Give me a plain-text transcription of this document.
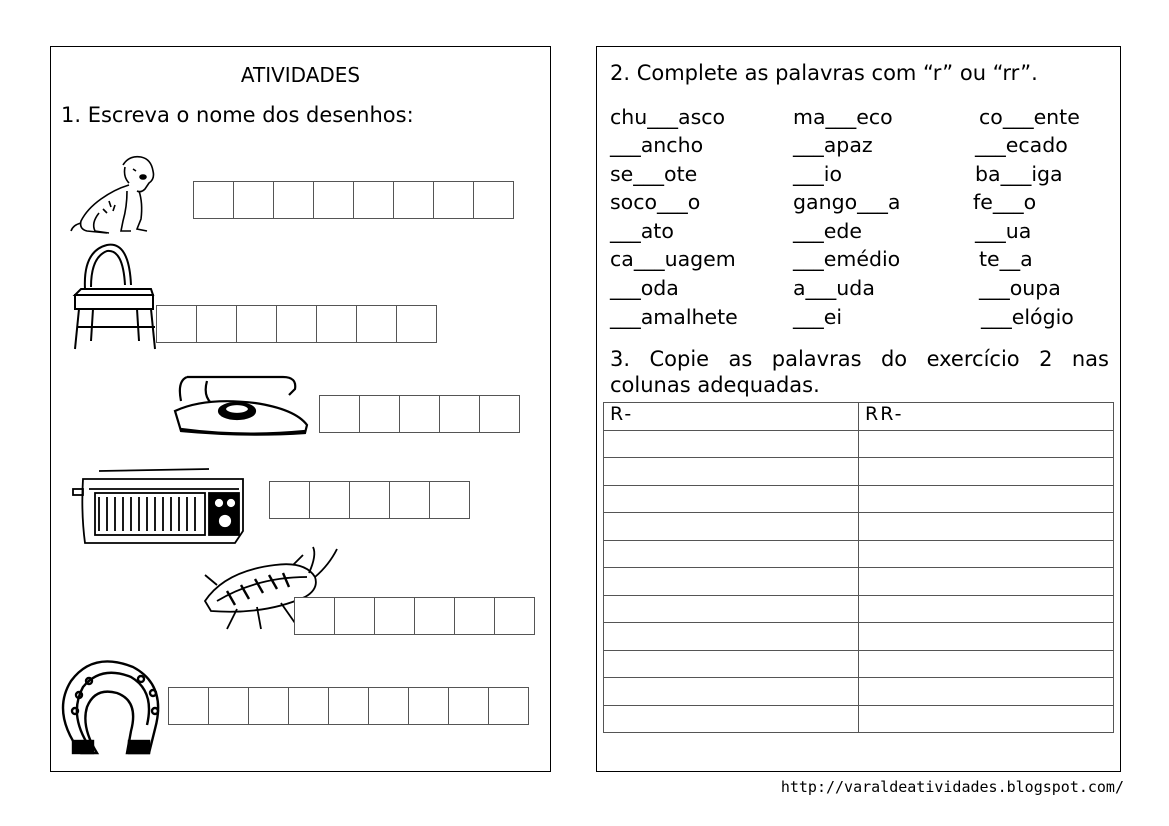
ATIVIDADES
1. Escreva o nome dos desenhos:
2. Complete as palavras com “r” ou “rr”.
chu___asco	ma___eco	co___ente
___ancho	___apaz	___ecado
se___ote	___io	ba___iga
soco___o	gango___a	fe___o
___ato	___ede	___ua
ca___uagem	___emédio	te__a
___oda	a___uda	___oupa
___amalhete	___ei	___elógio
3. Copie as palavras do exercício 2 nas
colunas adequadas.
R-	RR-

http://varaldeatividades.blogspot.com/
